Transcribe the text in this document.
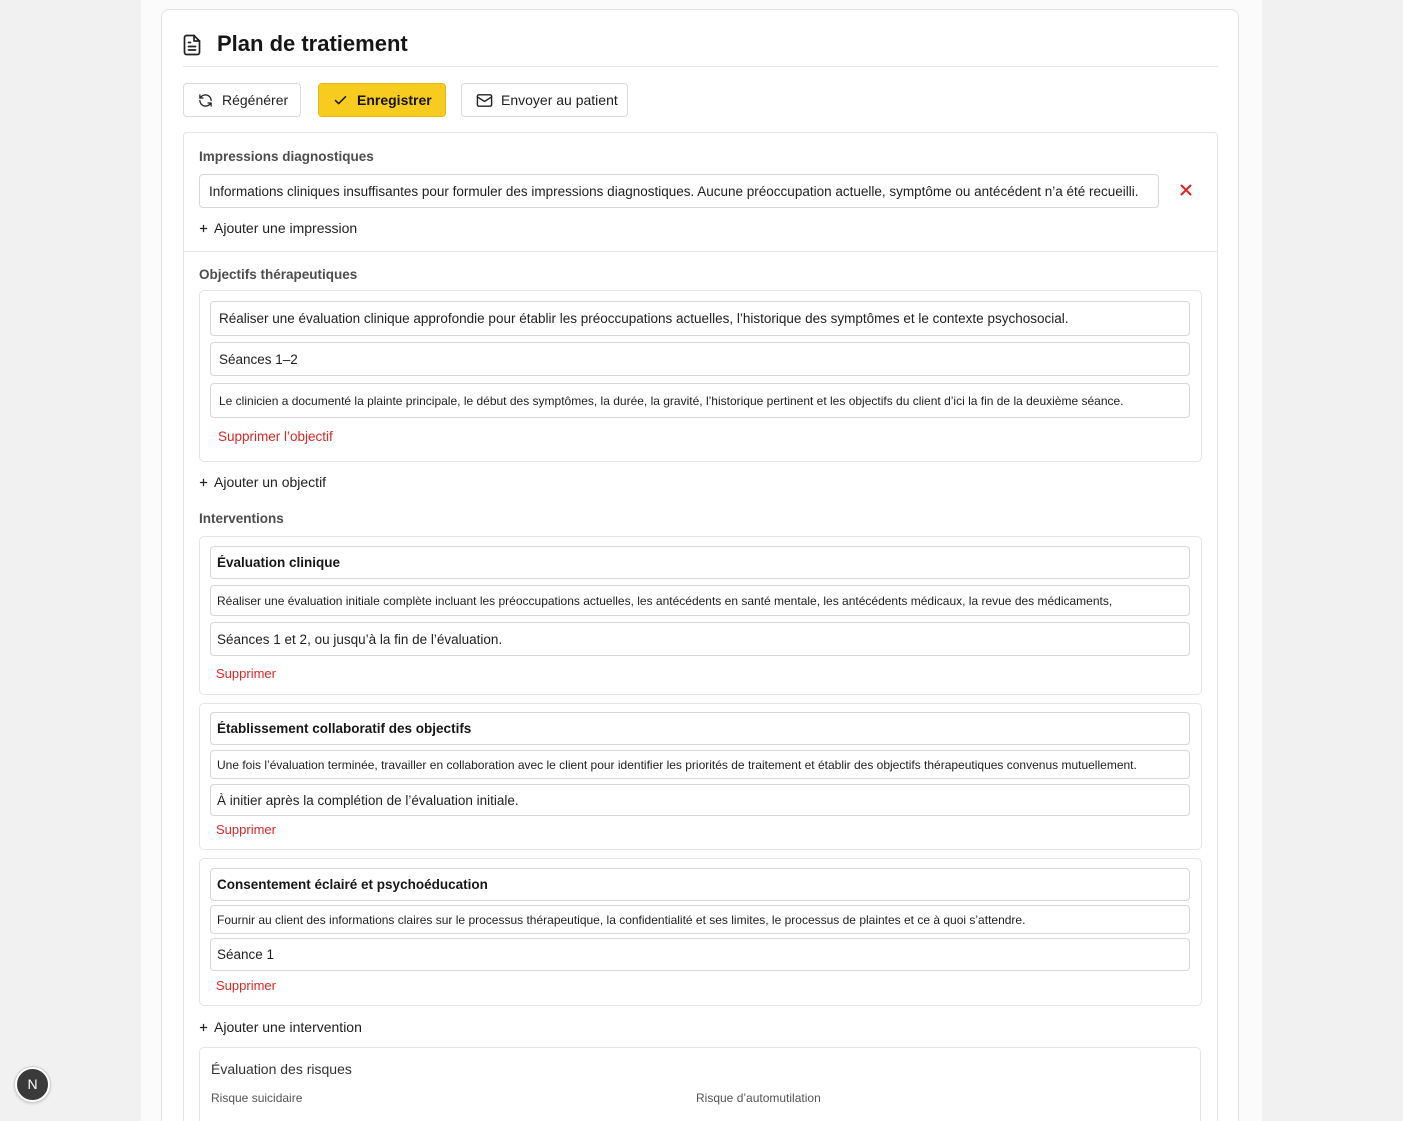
Plan de tratiement
Régénérer	Enregistrer	Envoyer au patient
Impressions diagnostiques
Informations cliniques insuffisantes pour formuler des impressions diagnostiques. Aucune préoccupation actuelle, symptôme ou antécédent n’a été recueilli.
Ajouter une impression
Objectifs thérapeutiques
Réaliser une évaluation clinique approfondie pour établir les préoccupations actuelles, l’historique des symptômes et le contexte psychosocial.
Séances 1–2
Le clinicien a documenté la plainte principale, le début des symptômes, la durée, la gravité, l’historique pertinent et les objectifs du client d’ici la fin de la deuxième séance.
Supprimer l’objectif
Ajouter un objectif
Interventions
Évaluation clinique
Réaliser une évaluation initiale complète incluant les préoccupations actuelles, les antécédents en santé mentale, les antécédents médicaux, la revue des médicaments,
Séances 1 et 2, ou jusqu’à la fin de l’évaluation.
Supprimer
Établissement collaboratif des objectifs
Une fois l’évaluation terminée, travailler en collaboration avec le client pour identifier les priorités de traitement et établir des objectifs thérapeutiques convenus mutuellement.
À initier après la complétion de l’évaluation initiale.
Supprimer
Consentement éclairé et psychoéducation
Fournir au client des informations claires sur le processus thérapeutique, la confidentialité et ses limites, le processus de plaintes et ce à quoi s’attendre.
Séance 1
Supprimer
Ajouter une intervention
Évaluation des risques
Risque suicidaire	Risque d’automutilation
N
